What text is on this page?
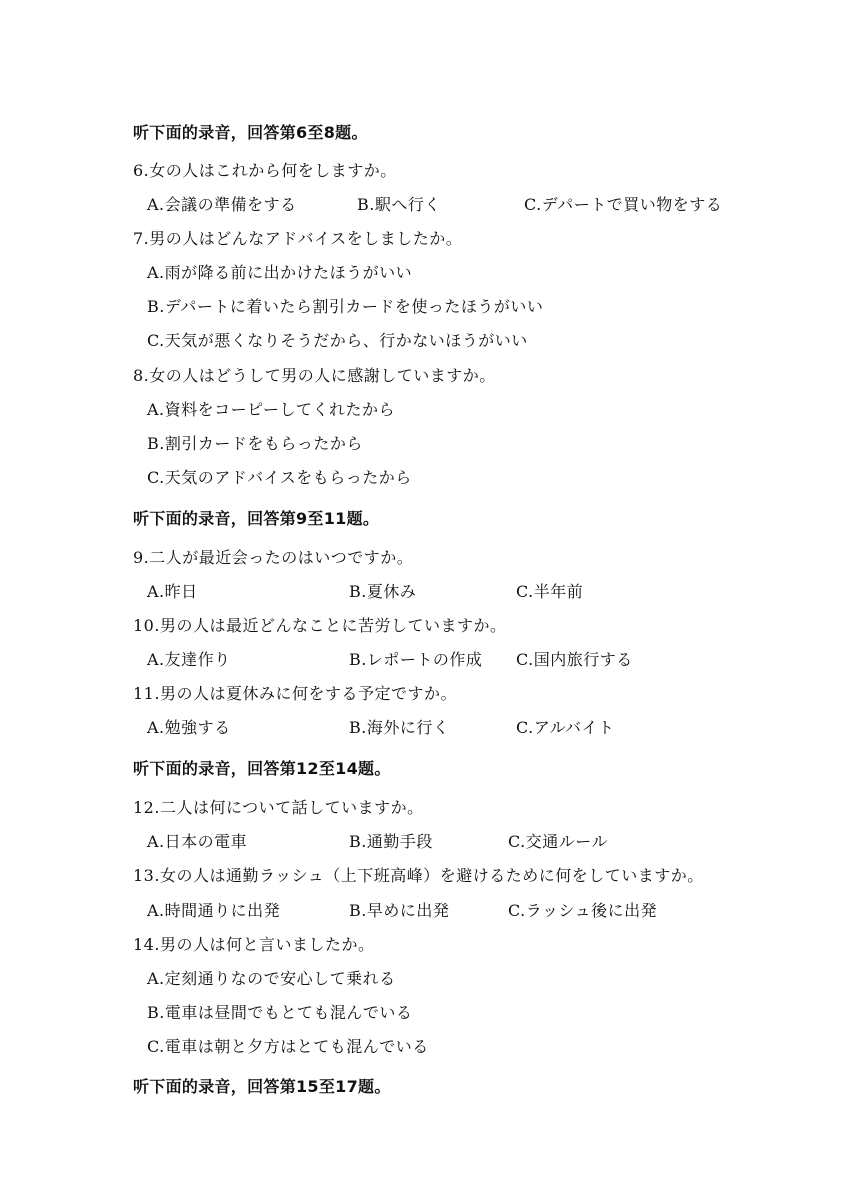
听下面的录音，回答第6至8题。
6.女の人はこれから何をしますか。
A.会議の準備をする	B.駅へ行く	C.デパートで買い物をする
7.男の人はどんなアドバイスをしましたか。
A.雨が降る前に出かけたほうがいい
B.デパートに着いたら割引カードを使ったほうがいい
C.天気が悪くなりそうだから、行かないほうがいい
8.女の人はどうして男の人に感謝していますか。
A.資料をコーピーしてくれたから
B.割引カードをもらったから
C.天気のアドバイスをもらったから
听下面的录音，回答第9至11题。
9.二人が最近会ったのはいつですか。
A.昨日	B.夏休み	C.半年前
10.男の人は最近どんなことに苦労していますか。
A.友達作り	B.レポートの作成 C.国内旅行する
11.男の人は夏休みに何をする予定ですか。
A.勉強する	B.海外に行く	C.アルバイト
听下面的录音，回答第12至14题。
12.二人は何について話していますか。
A.日本の電車	B.通勤手段	C.交通ルール
13.女の人は通勤ラッシュ（上下班高峰）を避けるために何をしていますか。
A.時間通りに出発	B.早めに出発	C.ラッシュ後に出発
14.男の人は何と言いましたか。
A.定刻通りなので安心して乗れる
B.電車は昼間でもとても混んでいる
C.電車は朝と夕方はとても混んでいる
听下面的录音，回答第15至17题。
